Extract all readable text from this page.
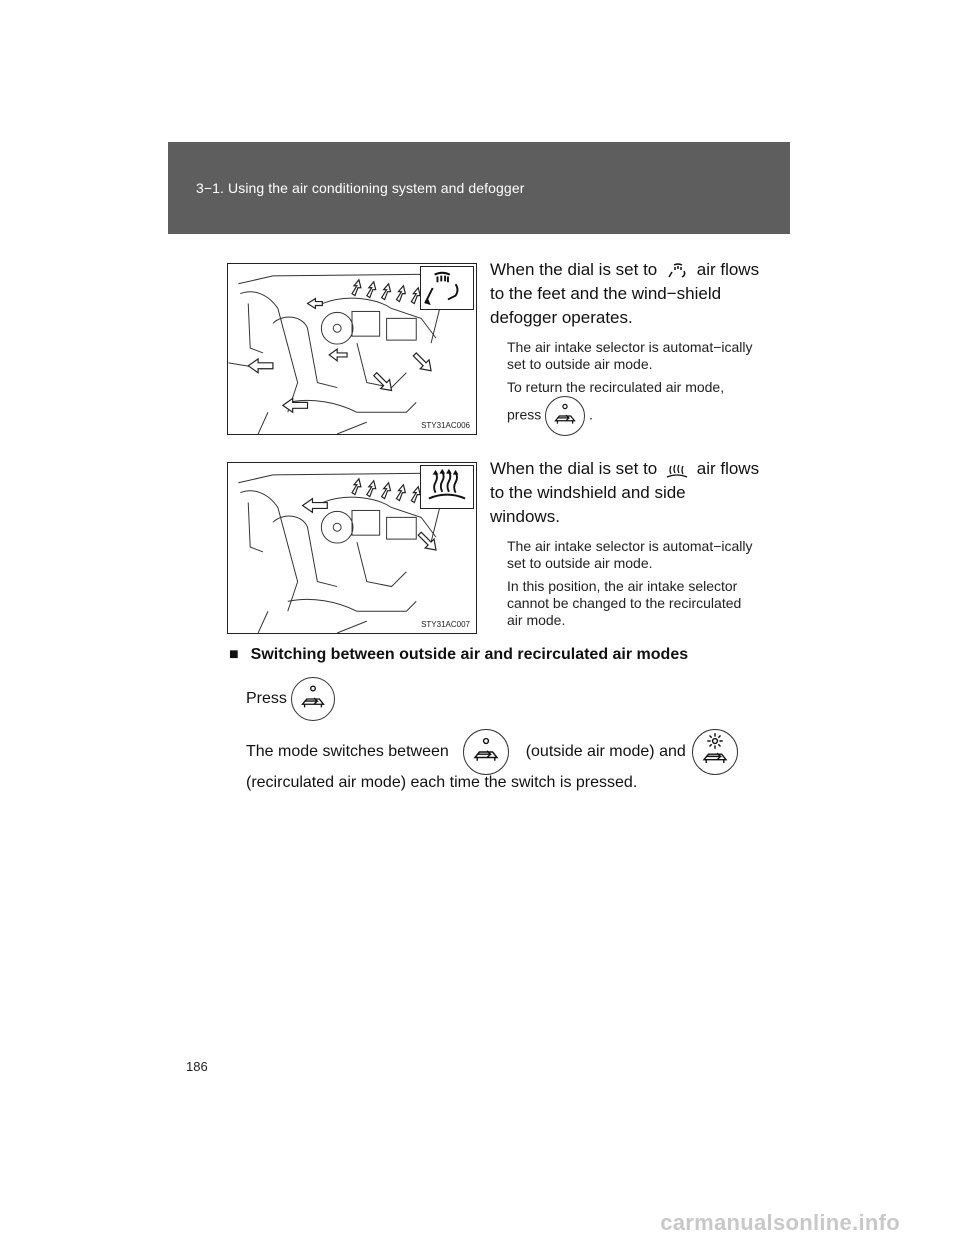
3−1. Using the air conditioning system and defogger
STY31AC006

When the dial is set to air flows to the feet and the wind−shield defogger operates.

The air intake selector is automat−ically set to outside air mode.

To return the recirculated air mode, press	.

STY31AC007

When the dial is set to air flows to the windshield and side windows.

The air intake selector is automat−ically set to outside air mode.

In this position, the air intake selector cannot be changed to the recirculated air mode.

■ Switching between outside air and recirculated air modes
Press
The mode switches between	(outside air mode) and
(recirculated air mode) each time the switch is pressed.
186
carmanualsonline.info
